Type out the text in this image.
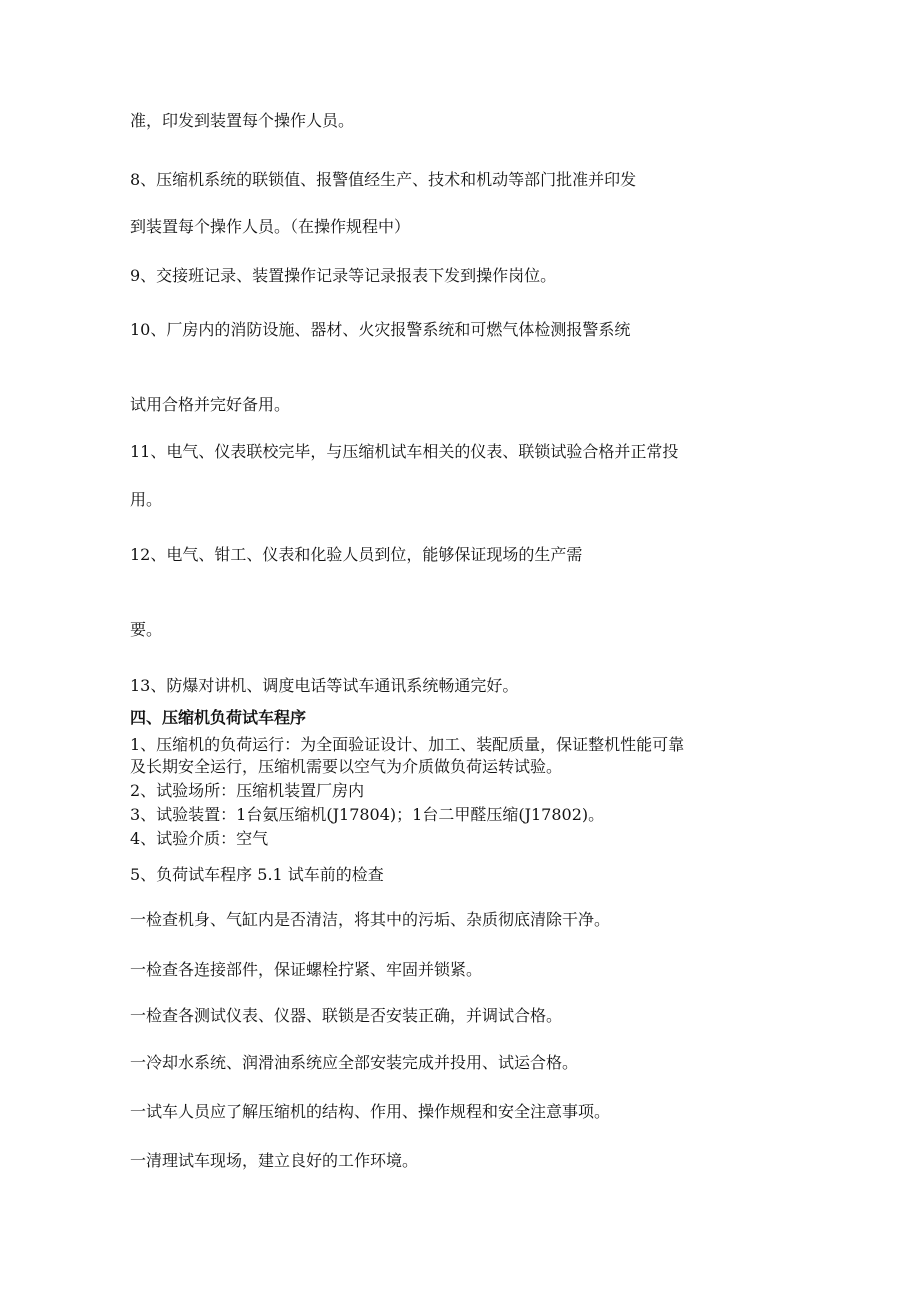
准，印发到装置每个操作人员。
8、压缩机系统的联锁值、报警值经生产、技术和机动等部门批准并印发
到装置每个操作人员。（在操作规程中）
9、交接班记录、装置操作记录等记录报表下发到操作岗位。
10、厂房内的消防设施、器材、火灾报警系统和可燃气体检测报警系统
试用合格并完好备用。
11、电气、仪表联校完毕，与压缩机试车相关的仪表、联锁试验合格并正常投
用。
12、电气、钳工、仪表和化验人员到位，能够保证现场的生产需
要。
13、防爆对讲机、调度电话等试车通讯系统畅通完好。
四、压缩机负荷试车程序
1、压缩机的负荷运行：为全面验证设计、加工、装配质量，保证整机性能可靠
及长期安全运行，压缩机需要以空气为介质做负荷运转试验。
2、试验场所：压缩机装置厂房内
3、试验装置：1台氨压缩机(J17804)；1台二甲醛压缩(J17802)。
4、试验介质：空气
5、负荷试车程序 5.1 试车前的检查
一检查机身、气缸内是否清洁，将其中的污垢、杂质彻底清除干净。
一检查各连接部件，保证螺栓拧紧、牢固并锁紧。
一检查各测试仪表、仪器、联锁是否安装正确，并调试合格。
一冷却水系统、润滑油系统应全部安装完成并投用、试运合格。
一试车人员应了解压缩机的结构、作用、操作规程和安全注意事项。
一清理试车现场，建立良好的工作环境。
